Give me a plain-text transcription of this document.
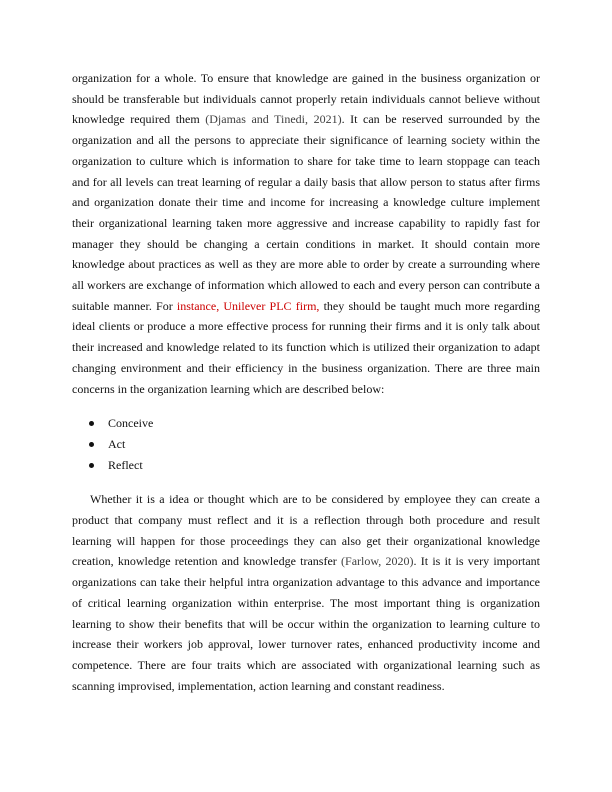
organization for a whole. To ensure that knowledge are gained in the business organization or should be transferable but individuals cannot properly retain individuals cannot believe without knowledge required them (Djamas and Tinedi, 2021). It can be reserved surrounded by the organization and all the persons to appreciate their significance of learning society within the organization to culture which is information to share for take time to learn stoppage can teach and for all levels can treat learning of regular a daily basis that allow person to status after firms and organization donate their time and income for increasing a knowledge culture implement their organizational learning taken more aggressive and increase capability to rapidly fast for manager they should be changing a certain conditions in market. It should contain more knowledge about practices as well as they are more able to order by create a surrounding where all workers are exchange of information which allowed to each and every person can contribute a suitable manner. For instance, Unilever PLC firm, they should be taught much more regarding ideal clients or produce a more effective process for running their firms and it is only talk about their increased and knowledge related to its function which is utilized their organization to adapt changing environment and their efficiency in the business organization. There are three main concerns in the organization learning which are described below:

Conceive
Act
Reflect

Whether it is a idea or thought which are to be considered by employee they can create a product that company must reflect and it is a reflection through both procedure and result learning will happen for those proceedings they can also get their organizational knowledge creation, knowledge retention and knowledge transfer (Farlow, 2020). It is it is very important organizations can take their helpful intra organization advantage to this advance and importance of critical learning organization within enterprise. The most important thing is organization learning to show their benefits that will be occur within the organization to learning culture to increase their workers job approval, lower turnover rates, enhanced productivity income and competence. There are four traits which are associated with organizational learning such as scanning improvised, implementation, action learning and constant readiness.
